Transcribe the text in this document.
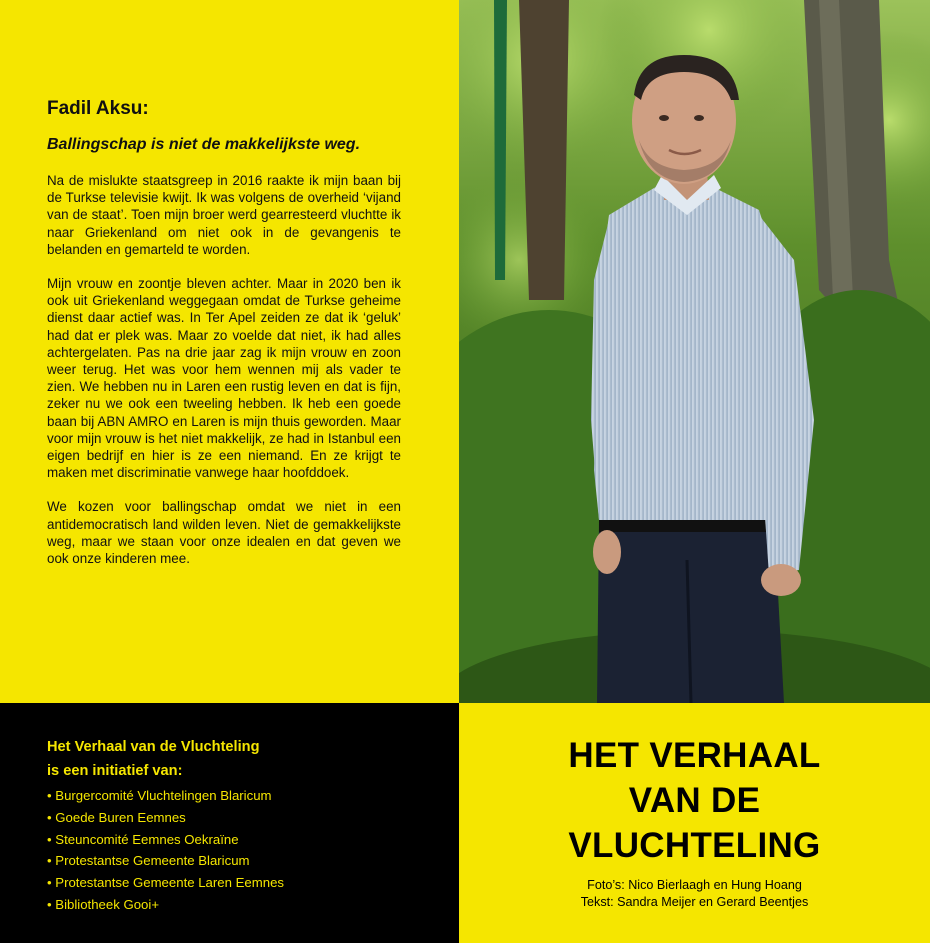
Fadil Aksu:
Ballingschap is niet de makkelijkste weg.

Na de mislukte staatsgreep in 2016 raakte ik mijn baan bij de Turkse televisie kwijt. Ik was volgens de overheid ‘vijand van de staat’. Toen mijn broer werd gearresteerd vluchtte ik naar Griekenland om niet ook in de gevangenis te belanden en gemarteld te worden.

Mijn vrouw en zoontje bleven achter. Maar in 2020 ben ik ook uit Griekenland weggegaan omdat de Turkse geheime dienst daar actief was. In Ter Apel zeiden ze dat ik ‘geluk’ had dat er plek was. Maar zo voelde dat niet, ik had alles achtergelaten. Pas na drie jaar zag ik mijn vrouw en zoon weer terug. Het was voor hem wennen mij als vader te zien. We hebben nu in Laren een rustig leven en dat is fijn, zeker nu we ook een tweeling hebben. Ik heb een goede baan bij ABN AMRO en Laren is mijn thuis geworden. Maar voor mijn vrouw is het niet makkelijk, ze had in Istanbul een eigen bedrijf en hier is ze een niemand. En ze krijgt te maken met discriminatie vanwege haar hoofddoek.

We kozen voor ballingschap omdat we niet in een antidemocratisch land wilden leven. Niet de gemakkelijkste weg, maar we staan voor onze idealen en dat geven we ook onze kinderen mee.

Het Verhaal van de Vluchteling
is een initiatief van:
• Burgercomité Vluchtelingen Blaricum
• Goede Buren Eemnes
• Steuncomité Eemnes Oekraïne
• Protestantse Gemeente Blaricum
• Protestantse Gemeente Laren Eemnes
• Bibliotheek Gooi+
HET VERHAAL
VAN DE
VLUCHTELING
Foto’s: Nico Bierlaagh en Hung Hoang
Tekst: Sandra Meijer en Gerard Beentjes
